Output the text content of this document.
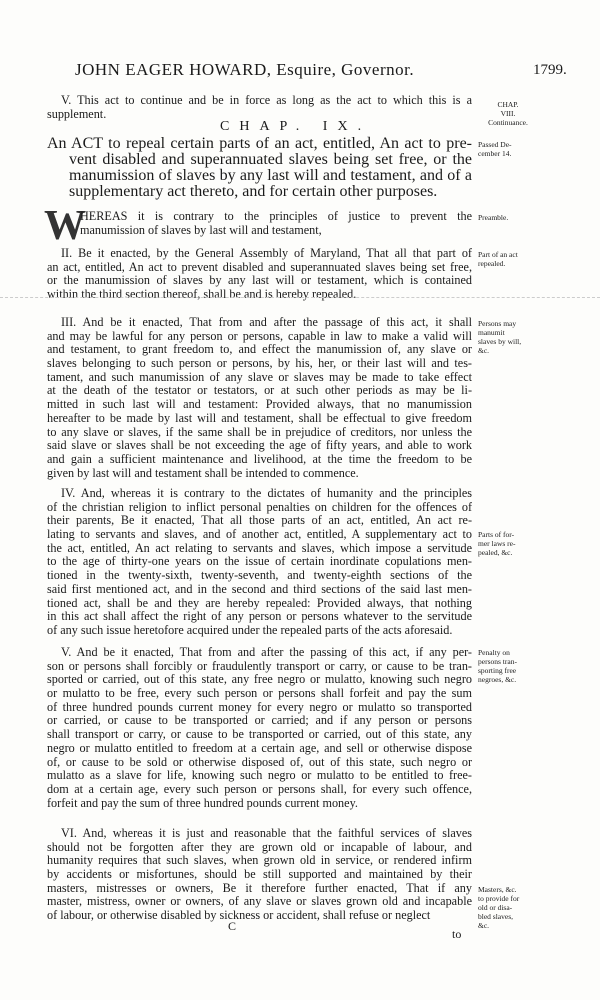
JOHN EAGER HOWARD, Esquire, Governor.	1799.
V. This act to continue and be in force as long as the act to which this is a
supplement.
CHAP. IX.
An ACT to repeal certain parts of an act, entitled, An act to pre-
vent disabled and superannuated slaves being set free, or the
manumission of slaves by any last will and testament, and of a
supplementary act thereto, and for certain other purposes.
W
HEREAS it is contrary to the principles of justice to prevent the
manumission of slaves by last will and testament,
II. Be it enacted, by the General Assembly of Maryland, That all that part of
an act, entitled, An act to prevent disabled and superannuated slaves being set free,
or the manumission of slaves by any last will or testament, which is contained
within the third section thereof, shall be and is hereby repealed.
III. And be it enacted, That from and after the passage of this act, it shall
and may be lawful for any person or persons, capable in law to make a valid will
and testament, to grant freedom to, and effect the manumission of, any slave or
slaves belonging to such person or persons, by his, her, or their last will and tes-
tament, and such manumission of any slave or slaves may be made to take effect
at the death of the testator or testators, or at such other periods as may be li-
mitted in such last will and testament: Provided always, that no manumission
hereafter to be made by last will and testament, shall be effectual to give freedom
to any slave or slaves, if the same shall be in prejudice of creditors, nor unless the
said slave or slaves shall be not exceeding the age of fifty years, and able to work
and gain a sufficient maintenance and livelihood, at the time the freedom to be
given by last will and testament shall be intended to commence.
IV. And, whereas it is contrary to the dictates of humanity and the principles
of the christian religion to inflict personal penalties on children for the offences of
their parents, Be it enacted, That all those parts of an act, entitled, An act re-
lating to servants and slaves, and of another act, entitled, A supplementary act to
the act, entitled, An act relating to servants and slaves, which impose a servitude
to the age of thirty-one years on the issue of certain inordinate copulations men-
tioned in the twenty-sixth, twenty-seventh, and twenty-eighth sections of the
said first mentioned act, and in the second and third sections of the said last men-
tioned act, shall be and they are hereby repealed: Provided always, that nothing
in this act shall affect the right of any person or persons whatever to the servitude
of any such issue heretofore acquired under the repealed parts of the acts aforesaid.
V. And be it enacted, That from and after the passing of this act, if any per-
son or persons shall forcibly or fraudulently transport or carry, or cause to be tran-
sported or carried, out of this state, any free negro or mulatto, knowing such negro
or mulatto to be free, every such person or persons shall forfeit and pay the sum
of three hundred pounds current money for every negro or mulatto so transported
or carried, or cause to be transported or carried; and if any person or persons
shall transport or carry, or cause to be transported or carried, out of this state, any
negro or mulatto entitled to freedom at a certain age, and sell or otherwise dispose
of, or cause to be sold or otherwise disposed of, out of this state, such negro or
mulatto as a slave for life, knowing such negro or mulatto to be entitled to free-
dom at a certain age, every such person or persons shall, for every such offence,
forfeit and pay the sum of three hundred pounds current money.
VI. And, whereas it is just and reasonable that the faithful services of slaves
should not be forgotten after they are grown old or incapable of labour, and
humanity requires that such slaves, when grown old in service, or rendered infirm
by accidents or misfortunes, should be still supported and maintained by their
masters, mistresses or owners, Be it therefore further enacted, That if any
master, mistress, owner or owners, of any slave or slaves grown old and incapable
of labour, or otherwise disabled by sickness or accident, shall refuse or neglect
CHAP.
VIII.
Continuance.
Passed De-
cember 14.
Preamble.
Part of an act
repealed.
Persons may
manumit
slaves by will,
&c.
Parts of for-
mer laws re-
pealed, &c.
Penalty on
persons tran-
sporting free
negroes, &c.
Masters, &c.
to provide for
old or disa-
bled slaves,
&c.
C
to
